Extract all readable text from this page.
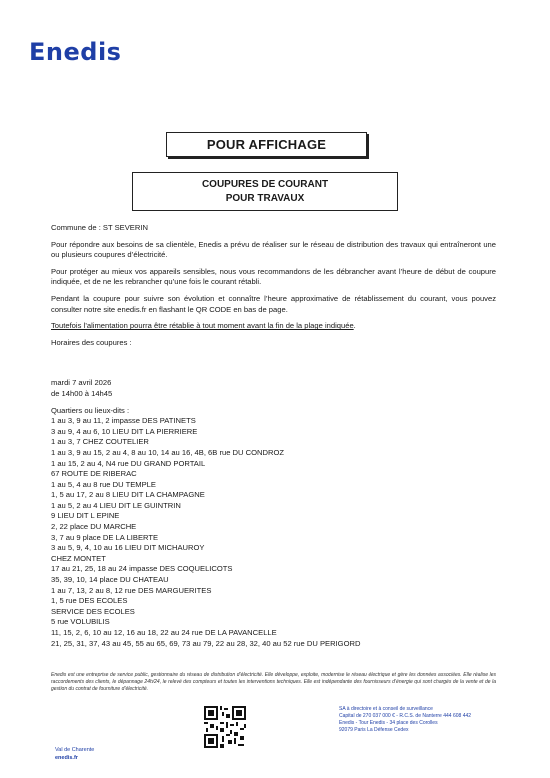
Enedis
POUR AFFICHAGE
COUPURES DE COURANT
POUR TRAVAUX
Commune de : ST SEVERIN

Pour répondre aux besoins de sa clientèle, Enedis a prévu de réaliser sur le réseau de distribution des travaux qui entraîneront une ou plusieurs coupures d’électricité.

Pour protéger au mieux vos appareils sensibles, nous vous recommandons de les débrancher avant l’heure de début de coupure indiquée, et de ne les rebrancher qu’une fois le courant rétabli.

Pendant la coupure pour suivre son évolution et connaître l’heure approximative de rétablissement du courant, vous pouvez consulter notre site enedis.fr en flashant le QR CODE en bas de page.

Toutefois l’alimentation pourra être rétablie à tout moment avant la fin de la plage indiquée.
Horaires des coupures :
mardi 7 avril 2026
de 14h00 à 14h45
Quartiers ou lieux-dits :
1 au 3, 9 au 11, 2 impasse DES PATINETS
3 au 9, 4 au 6, 10 LIEU DIT LA PIERRIERE
1 au 3, 7 CHEZ COUTELIER
1 au 3, 9 au 15, 2 au 4, 8 au 10, 14 au 16, 4B, 6B rue DU CONDROZ
1 au 15, 2 au 4, N4 rue DU GRAND PORTAIL
67 ROUTE DE RIBERAC
1 au 5, 4 au 8 rue DU TEMPLE
1, 5 au 17, 2 au 8 LIEU DIT LA CHAMPAGNE
1 au 5, 2 au 4 LIEU DIT LE GUINTRIN
9 LIEU DIT L EPINE
2, 22 place DU MARCHE
3, 7 au 9 place DE LA LIBERTE
3 au 5, 9, 4, 10 au 16 LIEU DIT MICHAUROY
CHEZ MONTET
17 au 21, 25, 18 au 24 impasse DES COQUELICOTS
35, 39, 10, 14 place DU CHATEAU
1 au 7, 13, 2 au 8, 12 rue DES MARGUERITES
1, 5 rue DES ECOLES
SERVICE DES ECOLES
5 rue VOLUBILIS
11, 15, 2, 6, 10 au 12, 16 au 18, 22 au 24 rue DE LA PAVANCELLE
21, 25, 31, 37, 43 au 45, 55 au 65, 69, 73 au 79, 22 au 28, 32, 40 au 52 rue DU PERIGORD
Enedis est une entreprise de service public, gestionnaire du réseau de distribution d’électricité. Elle développe, exploite, modernise le réseau électrique et gère les données associées. Elle réalise les raccordements des clients, le dépannage 24h/24, le relevé des compteurs et toutes les interventions techniques. Elle est indépendante des fournisseurs d’énergie qui sont chargés de la vente et de la gestion du contrat de fourniture d’électricité.
Val de Charente
enedis.fr
SA à directoire et à conseil de surveillance
Capital de 270 037 000 € - R.C.S. de Nanterre 444 608 442
Enedis - Tour Enedis - 34 place des Corolles
92079 Paris La Défense Cedex
